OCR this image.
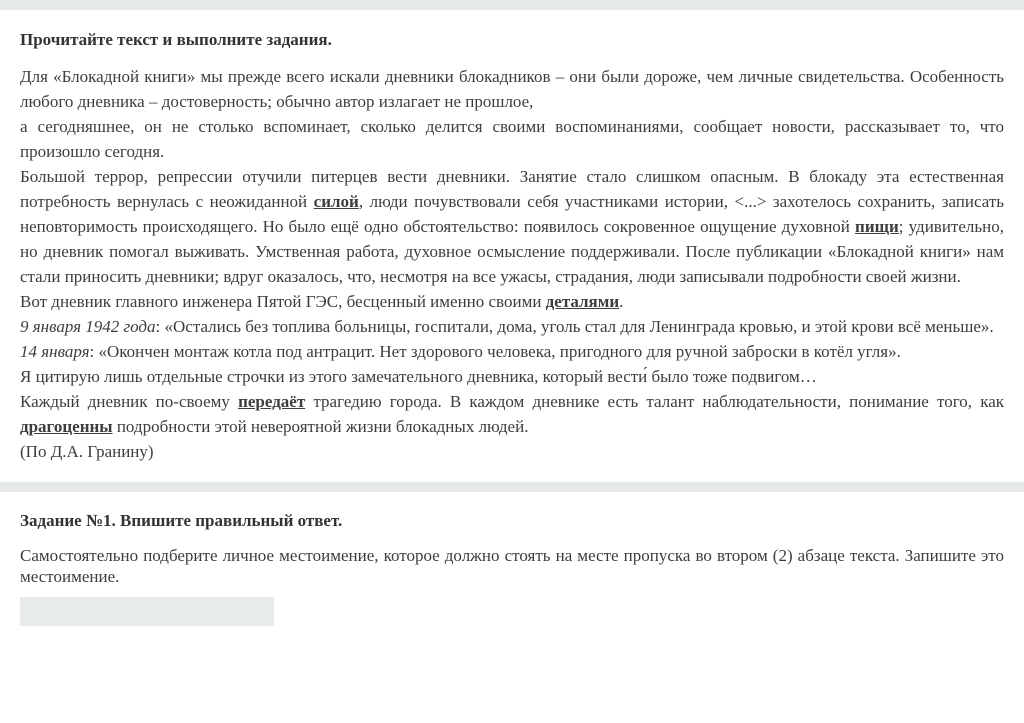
Прочитайте текст и выполните задания.

Для «Блокадной книги» мы прежде всего искали дневники блокадников – они были дороже, чем личные свидетельства. Особенность любого дневника – достоверность; обычно автор излагает не прошлое,
а сегодняшнее, он не столько вспоминает, сколько делится своими воспоминаниями, сообщает новости, рассказывает то, что произошло сегодня.

Большой террор, репрессии отучили питерцев вести дневники. Занятие стало слишком опасным. В блокаду эта естественная потребность вернулась с неожиданной силой, люди почувствовали себя участниками истории, <...> захотелось сохранить, записать неповторимость происходящего. Но было ещё одно обстоятельство: появилось сокровенное ощущение духовной пищи; удивительно, но дневник помогал выживать. Умственная работа, духовное осмысление поддерживали. После публикации «Блокадной книги» нам стали приносить дневники; вдруг оказалось, что, несмотря на все ужасы, страдания, люди записывали подробности своей жизни.

Вот дневник главного инженера Пятой ГЭС, бесценный именно своими деталями.

9 января 1942 года: «Остались без топлива больницы, госпитали, дома, уголь стал для Ленинграда кровью, и этой крови всё меньше».

14 января: «Окончен монтаж котла под антрацит. Нет здорового человека, пригодного для ручной заброски в котёл угля».

Я цитирую лишь отдельные строчки из этого замечательного дневника, который вести́ было тоже подвигом…

Каждый дневник по-своему передаёт трагедию города. В каждом дневнике есть талант наблюдательности, понимание того, как драгоценны подробности этой невероятной жизни блокадных людей.

(По Д.А. Гранину)

Задание №1. Впишите правильный ответ.

Самостоятельно подберите личное местоимение, которое должно стоять на месте пропуска во втором (2) абзаце текста. Запишите это местоимение.
